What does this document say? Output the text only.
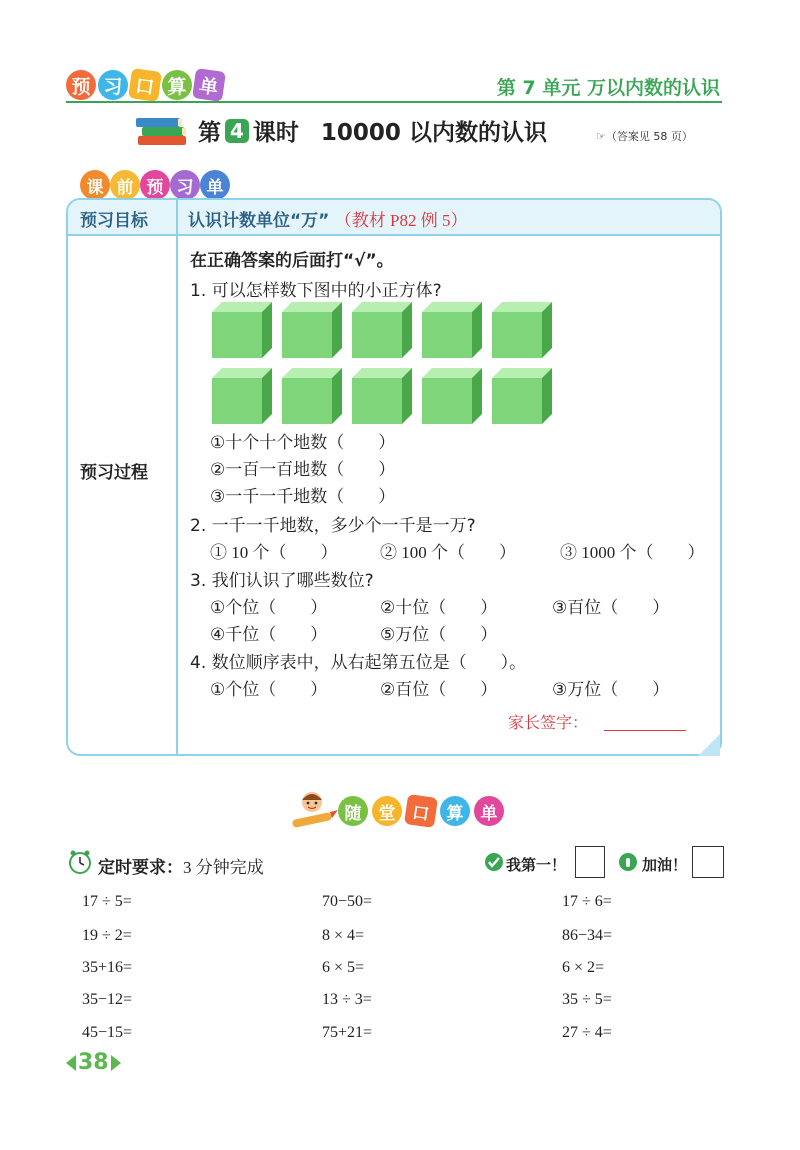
预 习 口 算 单	第 7 单元 万以内数的认识
第 4 课时 10000 以内数的认识	☞（答案见 58 页）
课 前 预 习 单
预习目标 认识计数单位“万” （教材 P82 例 5）
预习过程
在正确答案的后面打“√”。
1. 可以怎样数下图中的小正方体?
①十个十个地数（　　）
②一百一百地数（　　）
③一千一千地数（　　）
2. 一千一千地数，多少个一千是一万?
① 10 个（　　）	② 100 个（　　）	③ 1000 个（　　）
3. 我们认识了哪些数位?
①个位（　　）	②十位（　　）	③百位（　　）
④千位（　　）	⑤万位（　　）
4. 数位顺序表中，从右起第五位是（　　）。
①个位（　　）	②百位（　　）	③万位（　　）
家长签字：
随	堂 口 算	单
定时要求：3 分钟完成	我第一！	加油！
17 ÷ 5=	70−50=	17 ÷ 6=
19 ÷ 2=	8 × 4=	86−34=
35+16=	6 × 5=	6 × 2=
35−12=	13 ÷ 3=	35 ÷ 5=
45−15=	75+21=	27 ÷ 4=
38
